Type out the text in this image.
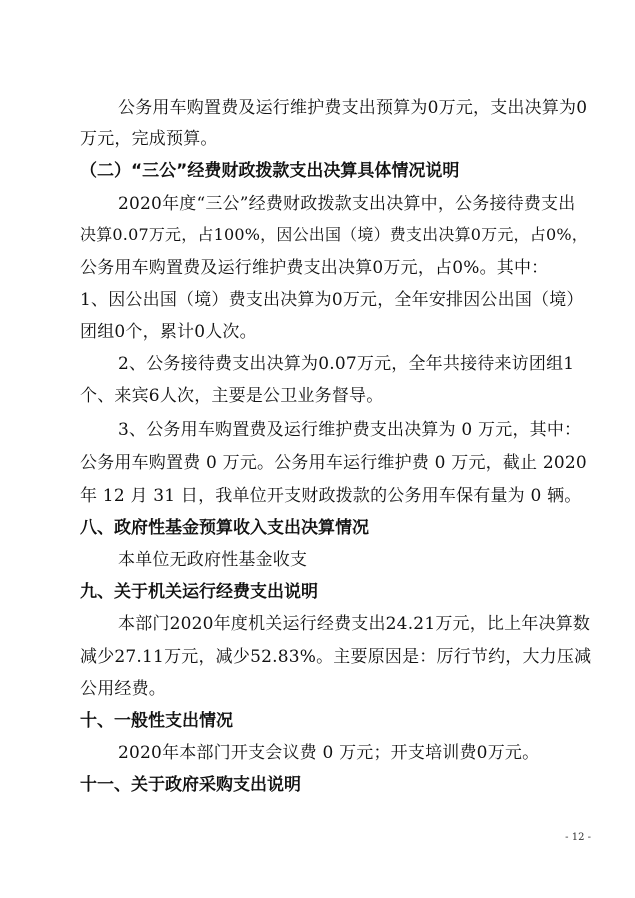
公务用车购置费及运行维护费支出预算为0万元，支出决算为0
万元，完成预算。
（二）“三公”经费财政拨款支出决算具体情况说明
2020年度“三公”经费财政拨款支出决算中，公务接待费支出
决算0.07万元，占100%，因公出国（境）费支出决算0万元，占0%，
公务用车购置费及运行维护费支出决算0万元，占0%。其中：
1、因公出国（境）费支出决算为0万元，全年安排因公出国（境）
团组0个，累计0人次。
2、公务接待费支出决算为0.07万元，全年共接待来访团组1
个、来宾6人次，主要是公卫业务督导。
3、公务用车购置费及运行维护费支出决算为 0 万元，其中：
公务用车购置费 0 万元。公务用车运行维护费 0 万元，截止 2020
年 12 月 31 日，我单位开支财政拨款的公务用车保有量为 0 辆。
八、政府性基金预算收入支出决算情况
本单位无政府性基金收支
九、关于机关运行经费支出说明
本部门2020年度机关运行经费支出24.21万元，比上年决算数
减少27.11万元，减少52.83%。主要原因是：厉行节约，大力压减
公用经费。
十、一般性支出情况
2020年本部门开支会议费 0 万元；开支培训费0万元。
十一、关于政府采购支出说明
- 12 -
